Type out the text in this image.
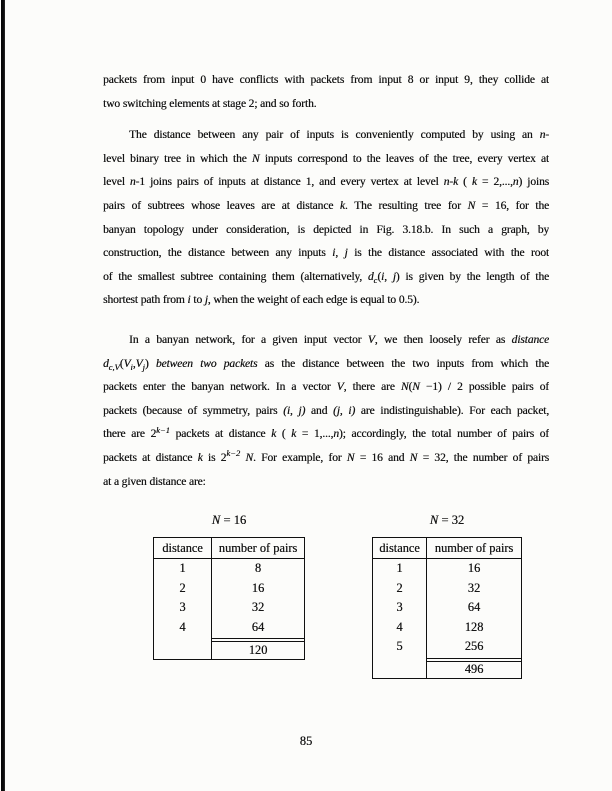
packets from input 0 have conflicts with packets from input 8 or input 9, they collide at
two switching elements at stage 2; and so forth.
The distance between any pair of inputs is conveniently computed by using an n-
level binary tree in which the N inputs correspond to the leaves of the tree, every vertex at
level n-1 joins pairs of inputs at distance 1, and every vertex at level n-k ( k = 2,...,n) joins
pairs of subtrees whose leaves are at distance k. The resulting tree for N = 16, for the
banyan topology under consideration, is depicted in Fig. 3.18.b. In such a graph, by
construction, the distance between any inputs i, j is the distance associated with the root
of the smallest subtree containing them (alternatively, $d_c(i$, j) is given by the length of the
shortest path from i to j, when the weight of each edge is equal to 0.5).
In a banyan network, for a given input vector V, we then loosely refer as distance
$d_{c,V}(V_i,V_j)$ between two packets as the distance between the two inputs from which the
packets enter the banyan network. In a vector V, there are N(N −1) / 2 possible pairs of
packets (because of symmetry, pairs (i, j) and (j, i) are indistinguishable). For each packet,
there are $2^{k-1}$ packets at distance k ( k = 1,...,n); accordingly, the total number of pairs of
packets at distance k is $2^{k-2}$ N. For example, for N = 16 and N = 32, the number of pairs
at a given distance are:
N = 16
distance	number of pairs
1
2
3
4
8
16
32
64
120
N = 32
distance	number of pairs
1
2
3
4
5
16
32
64
128
256
496
85
